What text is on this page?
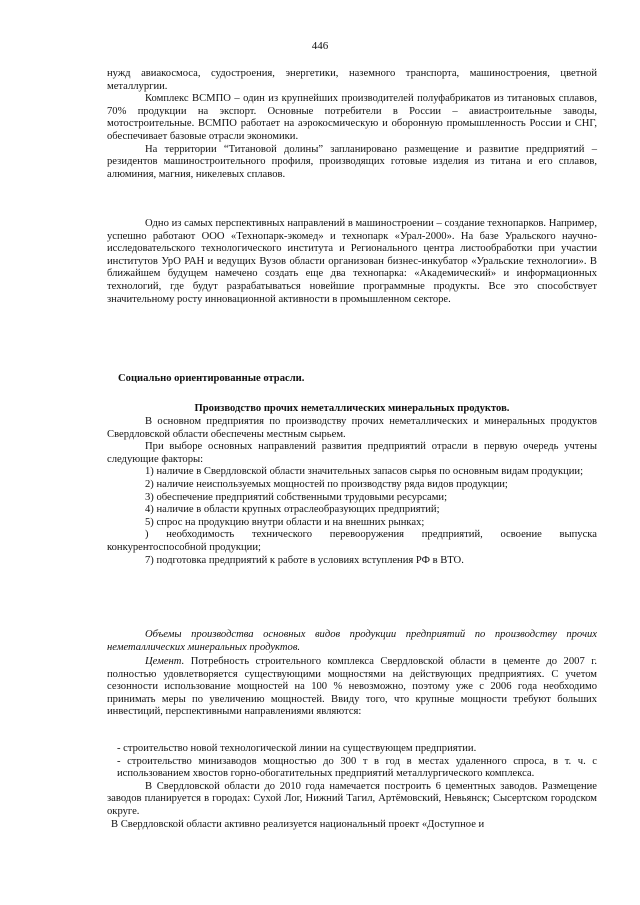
446

нужд авиакосмоса, судостроения, энергетики, наземного транспорта, машиностроения, цветной металлургии.

Комплекс ВСМПО – один из крупнейших производителей полуфабрикатов из титановых сплавов, 70% продукции на экспорт. Основные потребители в России – авиастроительные заводы, мотостроительные. ВСМПО работает на аэрокосмическую и оборонную промышленность России и СНГ, обеспечивает базовые отрасли экономики.

На территории “Титановой долины” запланировано размещение и развитие предприятий – резидентов машиностроительного профиля, производящих готовые изделия из титана и его сплавов, алюминия, магния, никелевых сплавов.

Одно из самых перспективных направлений в машиностроении – создание технопарков. Например, успешно работают ООО «Технопарк-экомед» и технопарк «Урал-2000». На базе Уральского научно-исследовательского технологического института и Регионального центра листообработки при участии институтов УрО РАН и ведущих Вузов области организован бизнес-инкубатор «Уральские технологии». В ближайшем будущем намечено создать еще два технопарка: «Академический» и информационных технологий, где будут разрабатываться новейшие программные продукты. Все это способствует значительному росту инновационной активности в промышленном секторе.

Социально ориентированные отрасли.
Производство прочих неметаллических минеральных продуктов.

В основном предприятия по производству прочих неметаллических и минеральных продуктов Свердловской области обеспечены местным сырьем.

При выборе основных направлений развития предприятий отрасли в первую очередь учтены следующие факторы:

1) наличие в Свердловской области значительных запасов сырья по основным видам продукции;

2) наличие неиспользуемых мощностей по производству ряда видов продукции;

3) обеспечение предприятий собственными трудовыми ресурсами;

4) наличие в области крупных отраслеобразующих предприятий;

5) спрос на продукцию внутри области и на внешних рынках;

) необходимость технического перевооружения предприятий, освоение выпуска конкурентоспособной продукции;

7) подготовка предприятий к работе в условиях вступления РФ в ВТО.

Объемы производства основных видов продукции предприятий по производству прочих неметаллических минеральных продуктов.

Цемент. Потребность строительного комплекса Свердловской области в цементе до 2007 г. полностью удовлетворяется существующими мощностями на действующих предприятиях. С учетом сезонности использование мощностей на 100 % невозможно, поэтому уже с 2006 года необходимо принимать меры по увеличению мощностей. Ввиду того, что крупные мощности требуют больших инвестиций, перспективными направлениями являются:

- строительство новой технологической линии на существующем предприятии.

- строительство минизаводов мощностью до 300 т в год в местах удаленного спроса, в т. ч. с использованием хвостов горно-обогатительных предприятий металлургического комплекса.

В Свердловской области до 2010 года намечается построить 6 цементных заводов. Размещение заводов планируется в городах: Сухой Лог, Нижний Тагил, Артёмовский, Невьянск; Сысертском городском округе.

В Свердловской области активно реализуется национальный проект «Доступное и
